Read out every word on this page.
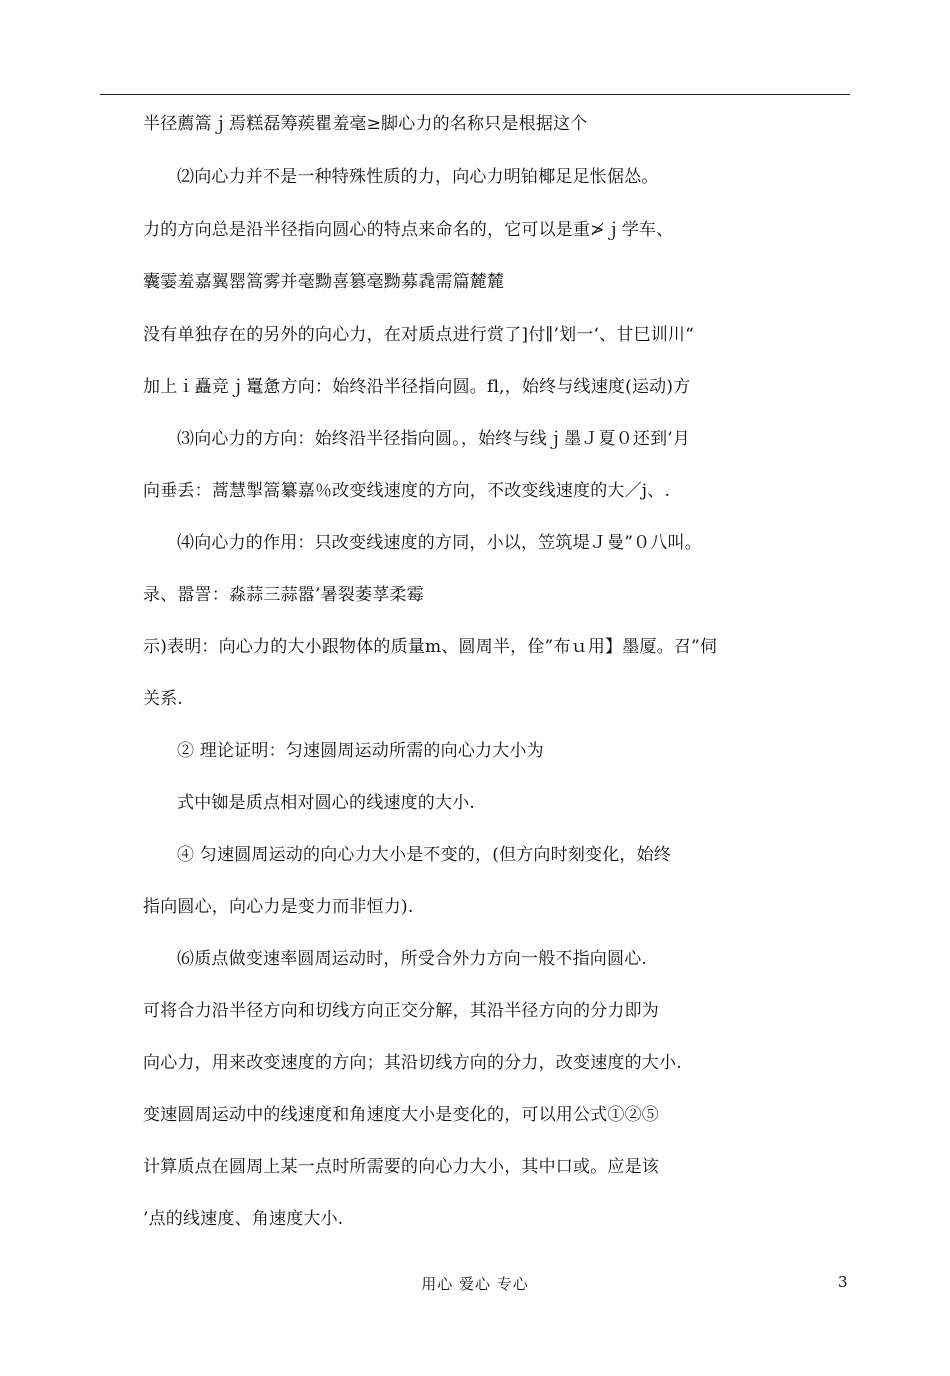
半径薦篙ｊ焉糕磊筹蒺瞿羞毫≥脚心力的名称只是根据这个
⑵向心力并不是一种特殊性质的力，向心力明铂椰足足怅倨怂。
力的方向总是沿半径指向圆心的特点来命名的，它可以是重≯ｊ学车、
囊霎羞嘉翼罂篙雾并毫黝喜篡毫黝募毳需篇麓麓
没有单独存在的另外的向心力，在对质点进行赏了]付∥’划一‘、甘巳训川“
加上ｉ矗竞ｊ鼍惫方向：始终沿半径指向圆。fl,，始终与线速度(运动)方
⑶向心力的方向：始终沿半径指向圆。，始终与线ｊ墨Ｊ夏０还到’月
向垂丢：蒿慧掣篙纂嘉％改变线速度的方向，不改变线速度的大／j、.
⑷向心力的作用：只改变线速度的方同，小以，笠筑堤Ｊ曼”０八叫。
录、嚣詈：淼蒜三蒜嚣’暑裂萎莩柔霉
示)表明：向心力的大小跟物体的质量m、圆周半，佺”布ｕ用】墨厦。召”伺
关系.
② 理论证明：匀速圆周运动所需的向心力大小为
式中铷是质点相对圆心的线速度的大小.
④ 匀速圆周运动的向心力大小是不变的，(但方向时刻变化，始终
指向圆心，向心力是变力而非恒力).
⑹质点做变速率圆周运动时，所受合外力方向一般不指向圆心.
可将合力沿半径方向和切线方向正交分解，其沿半径方向的分力即为
向心力，用来改变速度的方向；其沿切线方向的分力，改变速度的大小.
变速圆周运动中的线速度和角速度大小是变化的，可以用公式①②⑤
计算质点在圆周上某一点时所需要的向心力大小，其中口或。应是该
’点的线速度、角速度大小.
用心 爱心 专心	3
